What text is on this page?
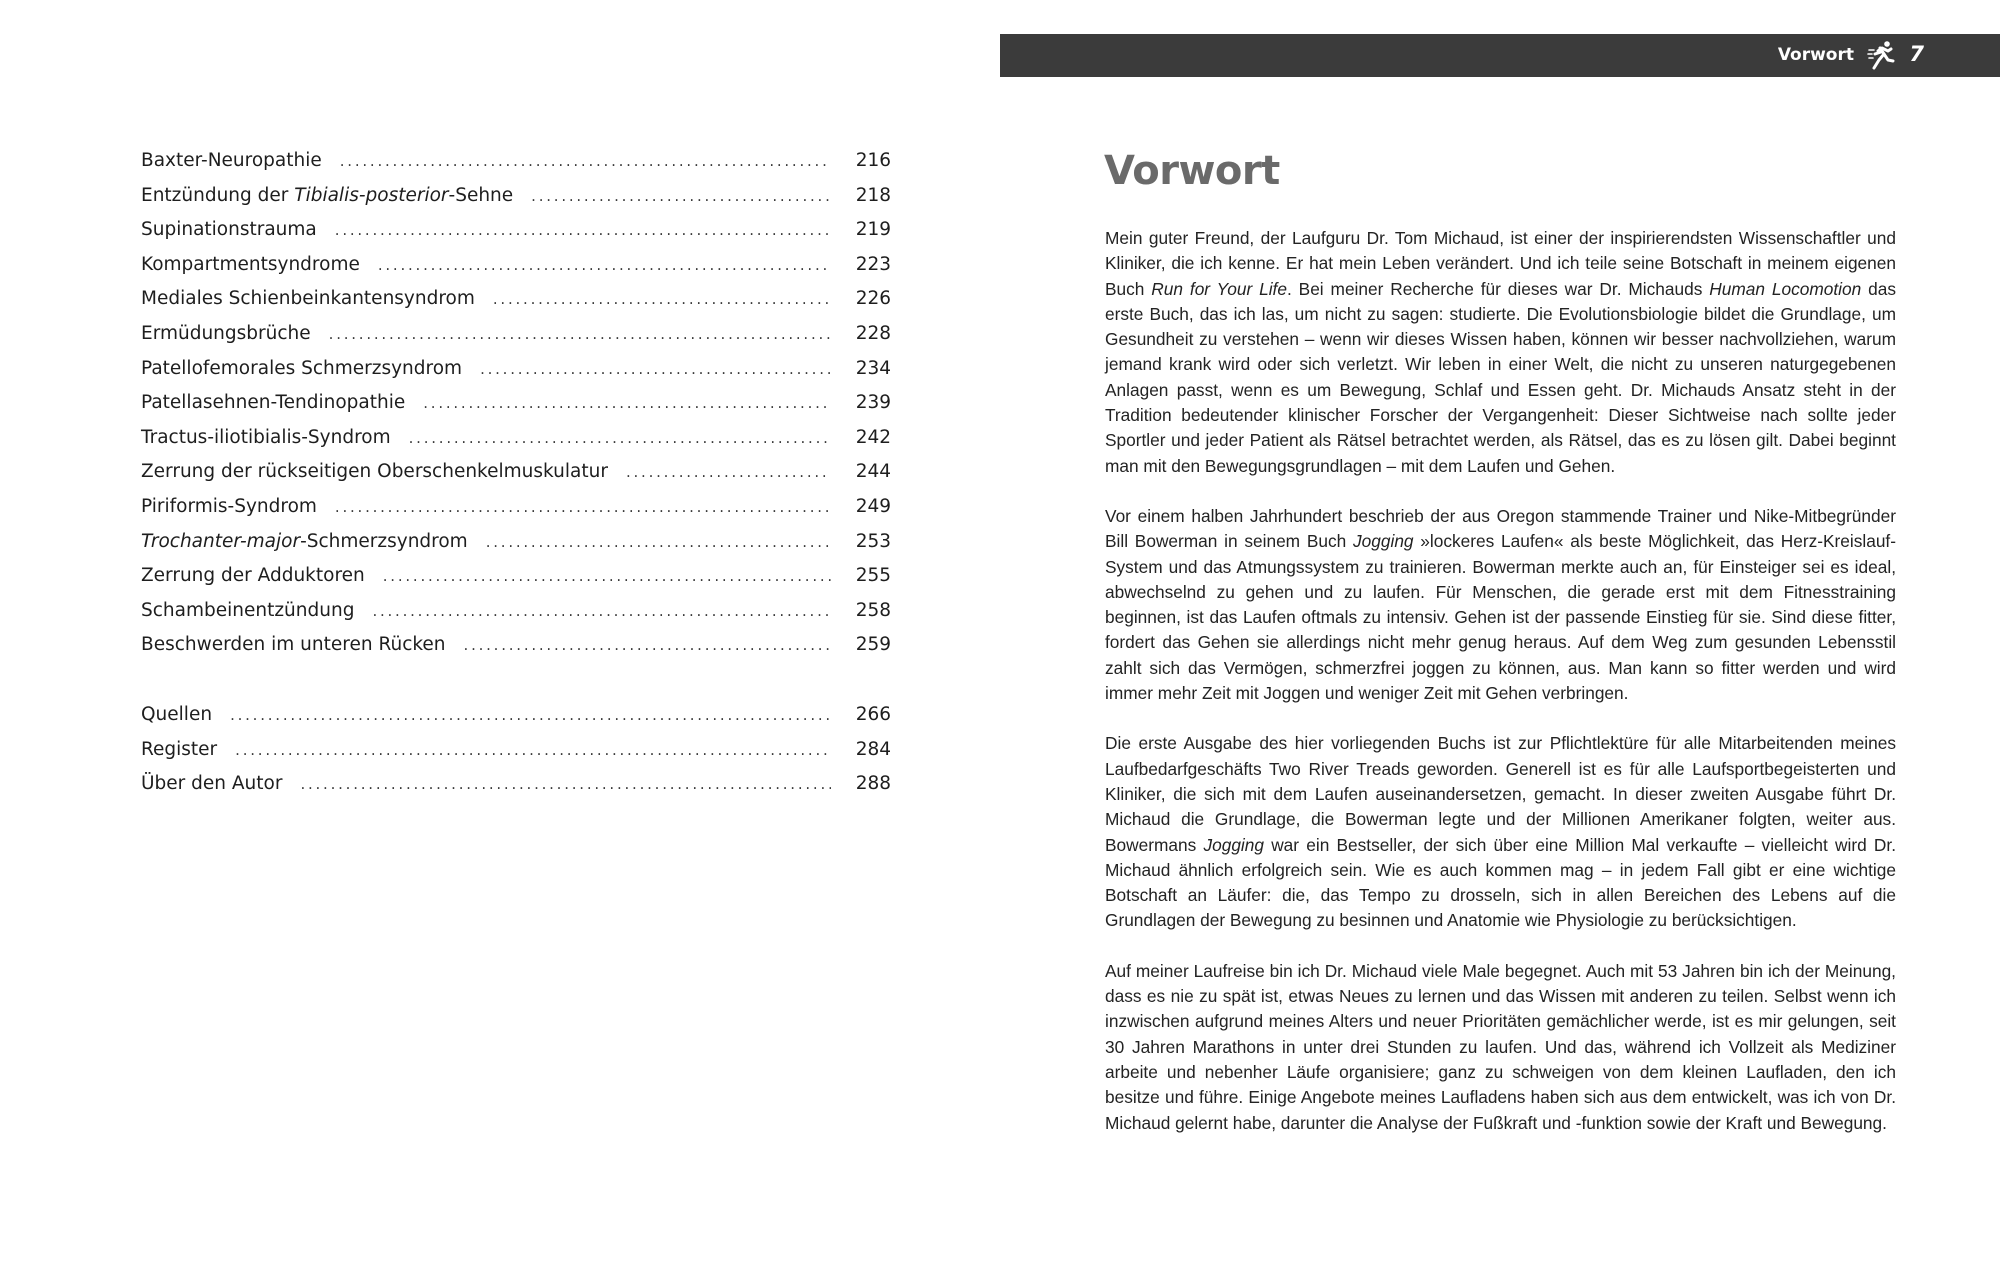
Baxter-Neuropathie . . .	216
Entzündung der Tibialis-posterior-Sehne . . .	218
Supinationstrauma . . .	219
Kompartmentsyndrome . . .	223
Mediales Schienbeinkantensyndrom . . .	226
Ermüdungsbrüche . . .	228
Patellofemorales Schmerzsyndrom . . .	234
Patellasehnen-Tendinopathie . . .	239
Tractus-iliotibialis-Syndrom . . .	242
Zerrung der rückseitigen Oberschenkelmuskulatur . . .	244
Piriformis-Syndrom . . .	249
Trochanter-major-Schmerzsyndrom . . .	253
Zerrung der Adduktoren . . .	255
Schambeinentzündung . . .	258
Beschwerden im unteren Rücken . . .	259
Quellen . . .	266
Register . . .	284
Über den Autor . . .	288
Vorwort	7
Vorwort

Mein guter Freund, der Laufguru Dr. Tom Michaud, ist einer der inspirierendsten Wissenschaftler und Kliniker, die ich kenne. Er hat mein Leben verändert. Und ich teile seine Botschaft in meinem eigenen Buch Run for Your Life. Bei meiner Recherche für dieses war Dr. Michauds Human Locomotion das erste Buch, das ich las, um nicht zu sagen: studierte. Die Evolutionsbiologie bildet die Grundlage, um Gesundheit zu verstehen – wenn wir dieses Wissen haben, können wir besser nachvollziehen, warum jemand krank wird oder sich verletzt. Wir leben in einer Welt, die nicht zu unseren naturgegebenen Anlagen passt, wenn es um Bewegung, Schlaf und Essen geht. Dr. Michauds Ansatz steht in der Tradition bedeutender klinischer Forscher der Vergangenheit: Dieser Sichtweise nach sollte jeder Sportler und jeder Patient als Rätsel betrachtet werden, als Rätsel, das es zu lösen gilt. Dabei beginnt man mit den Bewegungsgrundlagen – mit dem Laufen und Gehen.

Vor einem halben Jahrhundert beschrieb der aus Oregon stammende Trainer und Nike-Mitbegründer Bill Bowerman in seinem Buch Jogging »lockeres Laufen« als beste Möglichkeit, das Herz-Kreislauf-System und das Atmungssystem zu trainieren. Bowerman merkte auch an, für Einsteiger sei es ideal, abwechselnd zu gehen und zu laufen. Für Menschen, die gerade erst mit dem Fitnesstraining beginnen, ist das Laufen oftmals zu intensiv. Gehen ist der passende Einstieg für sie. Sind diese fitter, fordert das Gehen sie allerdings nicht mehr genug heraus. Auf dem Weg zum gesunden Lebensstil zahlt sich das Vermögen, schmerzfrei joggen zu können, aus. Man kann so fitter werden und wird immer mehr Zeit mit Joggen und weniger Zeit mit Gehen verbringen.

Die erste Ausgabe des hier vorliegenden Buchs ist zur Pflichtlektüre für alle Mitarbeitenden meines Laufbedarfgeschäfts Two River Treads geworden. Generell ist es für alle Laufsportbegeisterten und Kliniker, die sich mit dem Laufen auseinandersetzen, gemacht. In dieser zweiten Ausgabe führt Dr. Michaud die Grundlage, die Bowerman legte und der Millionen Amerikaner folgten, weiter aus. Bowermans Jogging war ein Bestseller, der sich über eine Million Mal verkaufte – vielleicht wird Dr. Michaud ähnlich erfolgreich sein. Wie es auch kommen mag – in jedem Fall gibt er eine wichtige Botschaft an Läufer: die, das Tempo zu drosseln, sich in allen Bereichen des Lebens auf die Grundlagen der Bewegung zu besinnen und Anatomie wie Physiologie zu berücksichtigen.

Auf meiner Laufreise bin ich Dr. Michaud viele Male begegnet. Auch mit 53 Jahren bin ich der Meinung, dass es nie zu spät ist, etwas Neues zu lernen und das Wissen mit anderen zu teilen. Selbst wenn ich inzwischen aufgrund meines Alters und neuer Prioritäten gemächlicher werde, ist es mir gelungen, seit 30 Jahren Marathons in unter drei Stunden zu laufen. Und das, während ich Vollzeit als Mediziner arbeite und nebenher Läufe organisiere; ganz zu schweigen von dem kleinen Laufladen, den ich besitze und führe. Einige Angebote meines Laufladens haben sich aus dem entwickelt, was ich von Dr. Michaud gelernt habe, darunter die Analyse der Fußkraft und -funktion sowie der Kraft und Bewegung.
